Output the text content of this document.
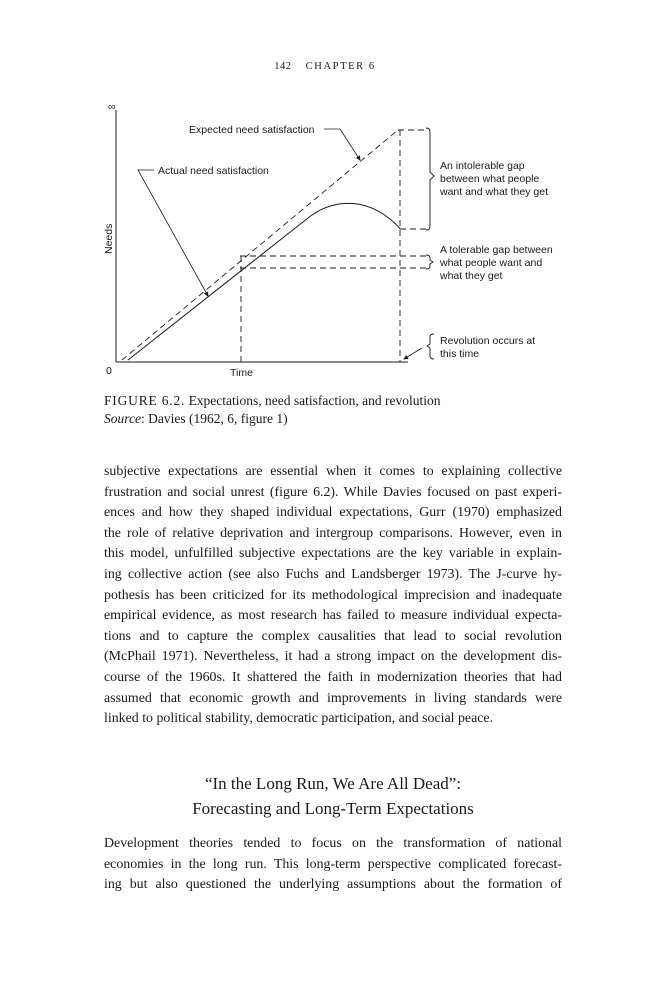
142 CHAPTER 6
∞
0	Time
Needs
Expected need satisfaction
Actual need satisfaction	An intolerable gap
between what people
want and what they get
A tolerable gap between
what people want and
what they get
Revolution occurs at
this time
FIGURE 6.2. Expectations, need satisfaction, and revolution
Source: Davies (1962, 6, figure 1)
subjective expectations are essential when it comes to explaining collective
frustration and social unrest (figure 6.2). While Davies focused on past experi-
ences and how they shaped individual expectations, Gurr (1970) emphasized
the role of relative deprivation and intergroup comparisons. However, even in
this model, unfulfilled subjective expectations are the key variable in explain-
ing collective action (see also Fuchs and Landsberger 1973). The J-curve hy-
pothesis has been criticized for its methodological imprecision and inadequate
empirical evidence, as most research has failed to measure individual expecta-
tions and to capture the complex causalities that lead to social revolution
(McPhail 1971). Nevertheless, it had a strong impact on the development dis-
course of the 1960s. It shattered the faith in modernization theories that had
assumed that economic growth and improvements in living standards were
linked to political stability, democratic participation, and social peace.
“In the Long Run, We Are All Dead”:
Forecasting and Long-Term Expectations
Development theories tended to focus on the transformation of national
economies in the long run. This long-term perspective complicated forecast-
ing but also questioned the underlying assumptions about the formation of
